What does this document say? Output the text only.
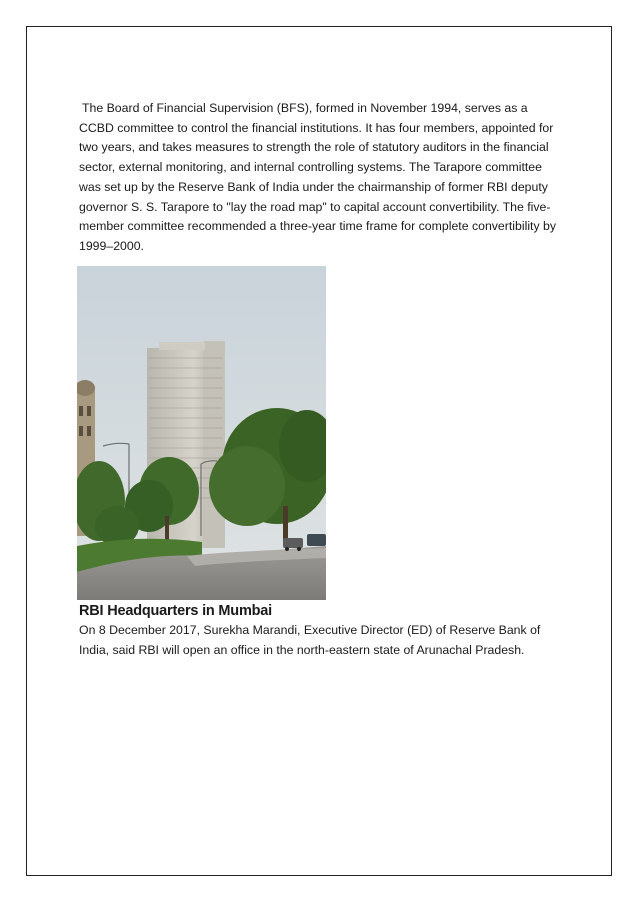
The Board of Financial Supervision (BFS), formed in November 1994, serves as a CCBD committee to control the financial institutions. It has four members, appointed for two years, and takes measures to strength the role of statutory auditors in the financial sector, external monitoring, and internal controlling systems. The Tarapore committee was set up by the Reserve Bank of India under the chairmanship of former RBI deputy governor S. S. Tarapore to "lay the road map" to capital account convertibility. The five-member committee recommended a three-year time frame for complete convertibility by 1999–2000.

RBI Headquarters in Mumbai

On 8 December 2017, Surekha Marandi, Executive Director (ED) of Reserve Bank of India, said RBI will open an office in the north-eastern state of Arunachal Pradesh.
